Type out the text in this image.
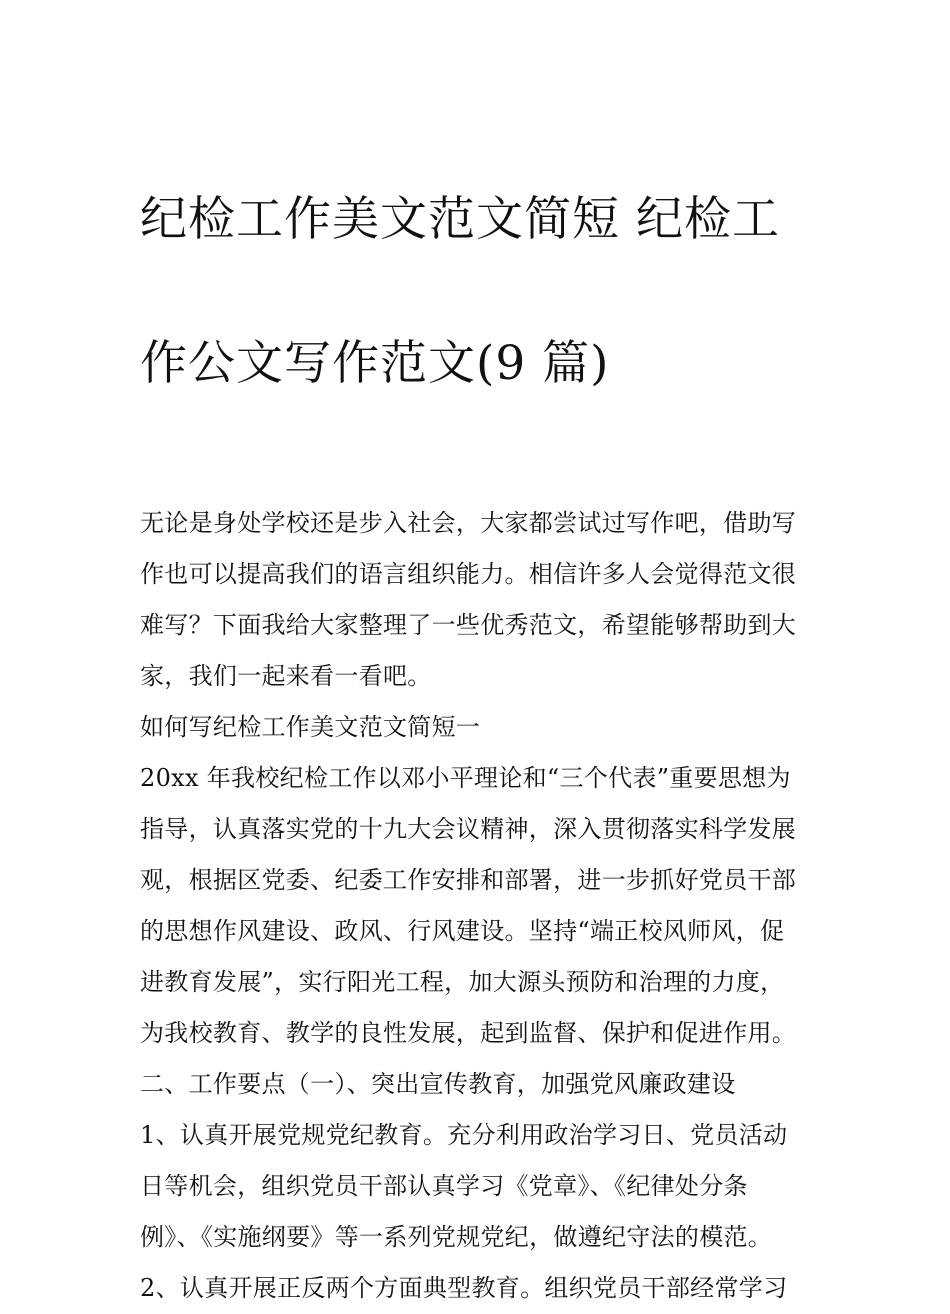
纪检工作美文范文简短 纪检工

作公文写作范文(9 篇)

无论是身处学校还是步入社会，大家都尝试过写作吧，借助写
作也可以提高我们的语言组织能力。相信许多人会觉得范文很
难写？下面我给大家整理了一些优秀范文，希望能够帮助到大
家，我们一起来看一看吧。
如何写纪检工作美文范文简短一
20xx 年我校纪检工作以邓小平理论和“三个代表”重要思想为
指导，认真落实党的十九大会议精神，深入贯彻落实科学发展
观，根据区党委、纪委工作安排和部署，进一步抓好党员干部
的思想作风建设、政风、行风建设。坚持“端正校风师风，促
进教育发展”，实行阳光工程，加大源头预防和治理的力度，
为我校教育、教学的良性发展，起到监督、保护和促进作用。
二、工作要点（一）、突出宣传教育，加强党风廉政建设
1、认真开展党规党纪教育。充分利用政治学习日、党员活动
日等机会，组织党员干部认真学习《党章》、《纪律处分条
例》、《实施纲要》等一系列党规党纪，做遵纪守法的模范。
2、认真开展正反两个方面典型教育。组织党员干部经常学习
